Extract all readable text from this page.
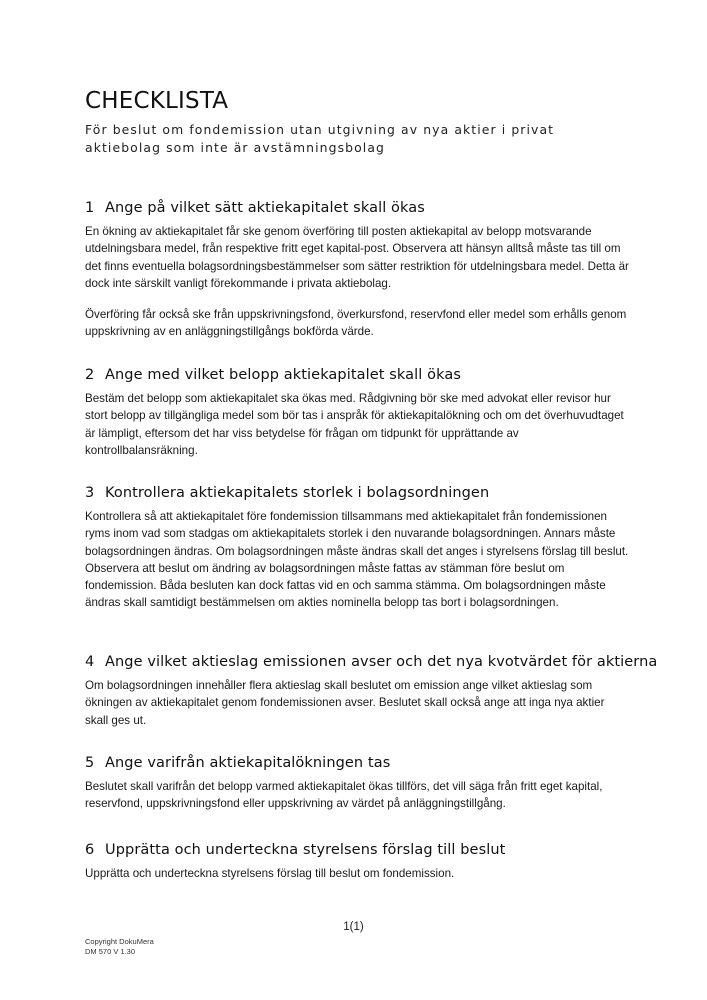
CHECKLISTA

För beslut om fondemission utan utgivning av nya aktier i privat aktiebolag som inte är avstämningsbolag

1 Ange på vilket sätt aktiekapitalet skall ökas

En ökning av aktiekapitalet får ske genom överföring till posten aktiekapital av belopp motsvarande utdelningsbara medel, från respektive fritt eget kapital-post. Observera att hänsyn alltså måste tas till om det finns eventuella bolagsordningsbestämmelser som sätter restriktion för utdelningsbara medel. Detta är dock inte särskilt vanligt förekommande i privata aktiebolag.

Överföring får också ske från uppskrivningsfond, överkursfond, reservfond eller medel som erhålls genom uppskrivning av en anläggningstillgångs bokförda värde.

2 Ange med vilket belopp aktiekapitalet skall ökas

Bestäm det belopp som aktiekapitalet ska ökas med. Rådgivning bör ske med advokat eller revisor hur stort belopp av tillgängliga medel som bör tas i anspråk för aktiekapitalökning och om det överhuvudtaget är lämpligt, eftersom det har viss betydelse för frågan om tidpunkt för upprättande av kontrollbalansräkning.

3 Kontrollera aktiekapitalets storlek i bolagsordningen

Kontrollera så att aktiekapitalet före fondemission tillsammans med aktiekapitalet från fondemissionen ryms inom vad som stadgas om aktiekapitalets storlek i den nuvarande bolagsordningen. Annars måste bolagsordningen ändras. Om bolagsordningen måste ändras skall det anges i styrelsens förslag till beslut. Observera att beslut om ändring av bolagsordningen måste fattas av stämman före beslut om fondemission. Båda besluten kan dock fattas vid en och samma stämma. Om bolagsordningen måste ändras skall samtidigt bestämmelsen om akties nominella belopp tas bort i bolagsordningen.

4 Ange vilket aktieslag emissionen avser och det nya kvotvärdet för aktierna

Om bolagsordningen innehåller flera aktieslag skall beslutet om emission ange vilket aktieslag som ökningen av aktiekapitalet genom fondemissionen avser. Beslutet skall också ange att inga nya aktier skall ges ut.

5 Ange varifrån aktiekapitalökningen tas

Beslutet skall varifrån det belopp varmed aktiekapitalet ökas tillförs, det vill säga från fritt eget kapital, reservfond, uppskrivningsfond eller uppskrivning av värdet på anläggningstillgång.

6 Upprätta och underteckna styrelsens förslag till beslut

Upprätta och underteckna styrelsens förslag till beslut om fondemission.

1(1)
Copyright DokuMera
DM 570 V 1.30
